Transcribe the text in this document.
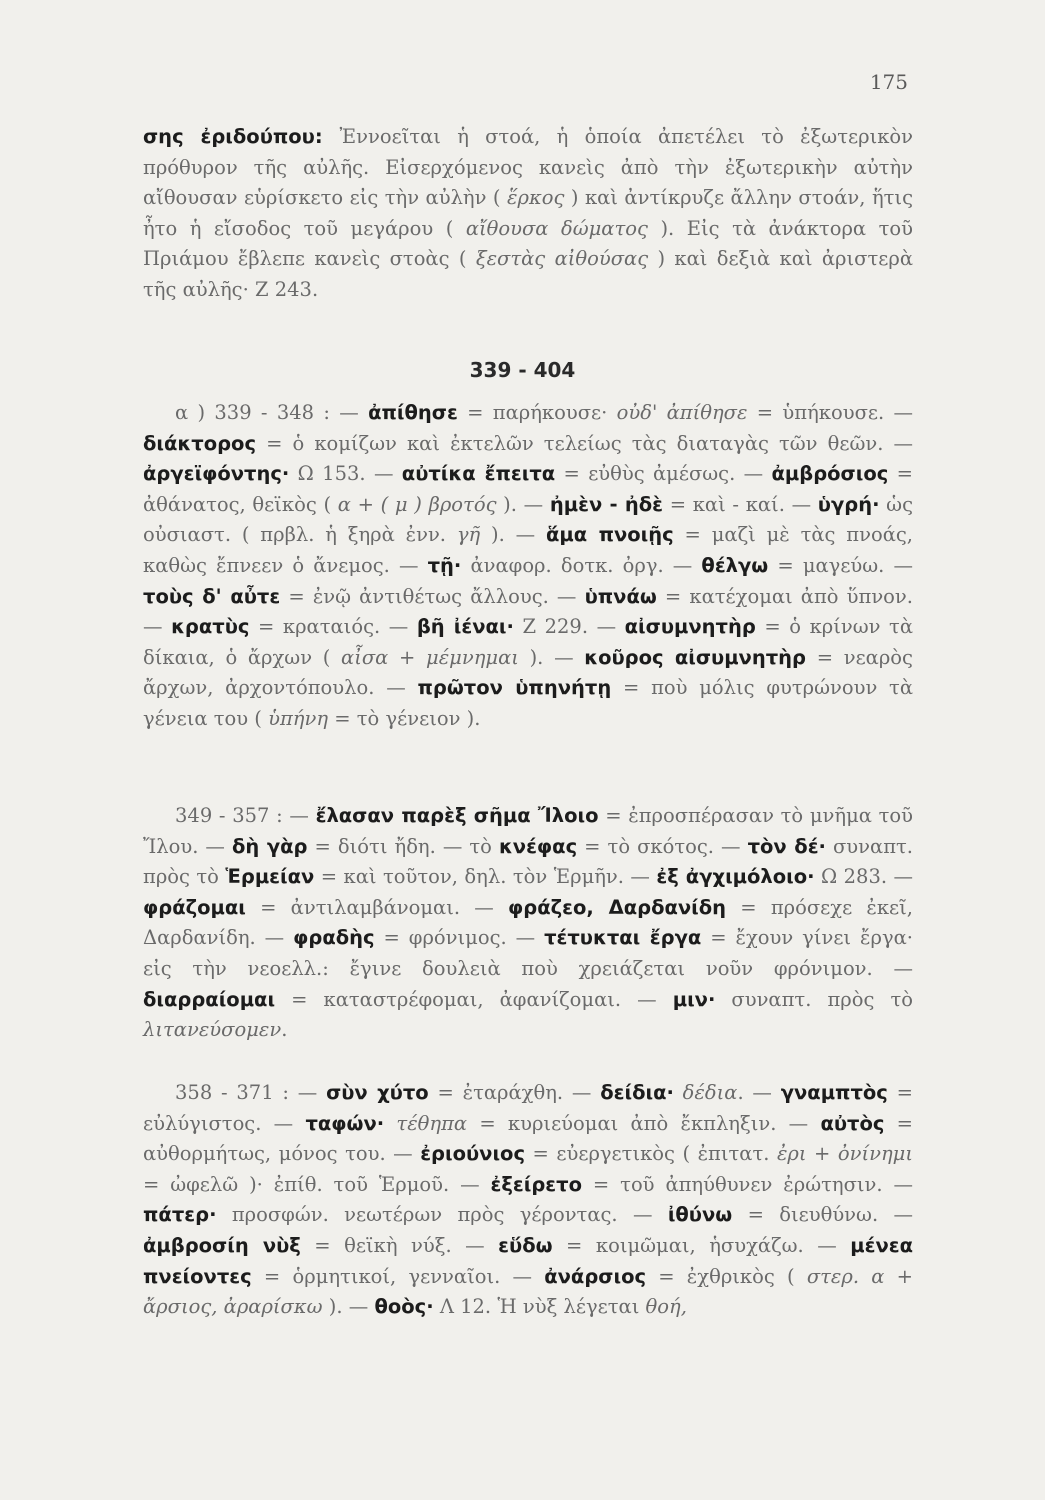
175

σης ἐριδούπου: Ἐννοεῖται ἡ στοά, ἡ ὁποία ἀπετέλει τὸ ἐξωτερικὸν πρόθυρον τῆς αὐλῆς. Εἰσερχόμενος κανεὶς ἀπὸ τὴν ἐξωτερικὴν αὐτὴν αἴθουσαν εὑρίσκετο εἰς τὴν αὐλὴν ( ἕρκος ) καὶ ἀντίκρυζε ἄλλην στοάν, ἥτις ἦτο ἡ εἴσοδος τοῦ μεγάρου ( αἴθουσα δώματος ). Εἰς τὰ ἀνάκτορα τοῦ Πριάμου ἔβλεπε κανεὶς στοὰς ( ξεστὰς αἰθούσας ) καὶ δεξιὰ καὶ ἀριστερὰ τῆς αὐλῆς· Ζ 243.

339 - 404

α ) 339 - 348 : — ἀπίθησε = παρήκουσε· οὐδ' ἀπίθησε = ὑπήκουσε. — διάκτορος = ὁ κομίζων καὶ ἐκτελῶν τελείως τὰς διαταγὰς τῶν θεῶν. — ἀργεϊφόντης· Ω 153. — αὐτίκα ἔπειτα = εὐθὺς ἀμέσως. — ἀμβρόσιος = ἀθάνατος, θεϊκὸς ( α + ( μ ) βροτός ). — ἠμὲν - ἠδὲ = καὶ - καί. — ὑγρή· ὡς οὐσιαστ. ( πρβλ. ἡ ξηρὰ ἐνν. γῆ ). — ἅμα πνοιῇς = μαζὶ μὲ τὰς πνοάς, καθὼς ἔπνεεν ὁ ἄνεμος. — τῇ· ἀναφορ. δοτκ. ὀργ. — θέλγω = μαγεύω. — τοὺς δ' αὖτε = ἐνῷ ἀντιθέτως ἄλλους. — ὑπνάω = κατέχομαι ἀπὸ ὕπνον. — κρατὺς = κραταιός. — βῆ ἰέναι· Ζ 229. — αἰσυμνητὴρ = ὁ κρίνων τὰ δίκαια, ὁ ἄρχων ( αἶσα + μέμνημαι ). — κοῦρος αἰσυμνητὴρ = νεαρὸς ἄρχων, ἀρχοντόπουλο. — πρῶτον ὑπηνήτῃ = ποὺ μόλις φυτρώνουν τὰ γένεια του ( ὑπήνη = τὸ γένειον ).

349 - 357 : — ἔλασαν παρὲξ σῆμα Ἴλοιο = ἐπροσπέρασαν τὸ μνῆμα τοῦ Ἴλου. — δὴ γὰρ = διότι ἤδη. — τὸ κνέφας = τὸ σκότος. — τὸν δέ· συναπτ. πρὸς τὸ Ἑρμείαν = καὶ τοῦτον, δηλ. τὸν Ἑρμῆν. — ἐξ ἀγχιμόλοιο· Ω 283. — φράζομαι = ἀντιλαμβάνομαι. — φράζεο, Δαρδανίδη = πρόσεχε ἐκεῖ, Δαρδανίδη. — φραδὴς = φρόνιμος. — τέτυκται ἔργα = ἔχουν γίνει ἔργα· εἰς τὴν νεοελλ.: ἔγινε δουλειὰ ποὺ χρειάζεται νοῦν φρόνιμον. — διαρραίομαι = καταστρέφομαι, ἀφανίζομαι. — μιν· συναπτ. πρὸς τὸ λιτανεύσομεν.

358 - 371 : — σὺν χύτο = ἐταράχθη. — δείδια· δέδια. — γναμπτὸς = εὐλύγιστος. — ταφών· τέθηπα = κυριεύομαι ἀπὸ ἔκπληξιν. — αὐτὸς = αὐθορμήτως, μόνος του. — ἐριούνιος = εὐεργετικὸς ( ἐπιτατ. ἐρι + ὀνίνημι = ὠφελῶ )· ἐπίθ. τοῦ Ἑρμοῦ. — ἐξείρετο = τοῦ ἀπηύθυνεν ἐρώτησιν. — πάτερ· προσφών. νεωτέρων πρὸς γέροντας. — ἰθύνω = διευθύνω. — ἀμβροσίη νὺξ = θεϊκὴ νύξ. — εὕδω = κοιμῶμαι, ἡσυχάζω. — μένεα πνείοντες = ὁρμητικοί, γενναῖοι. — ἀνάρσιος = ἐχθρικὸς ( στερ. α + ἄρσιος, ἀραρίσκω ). — θοὸς· Λ 12. Ἡ νὺξ λέγεται θοή,
